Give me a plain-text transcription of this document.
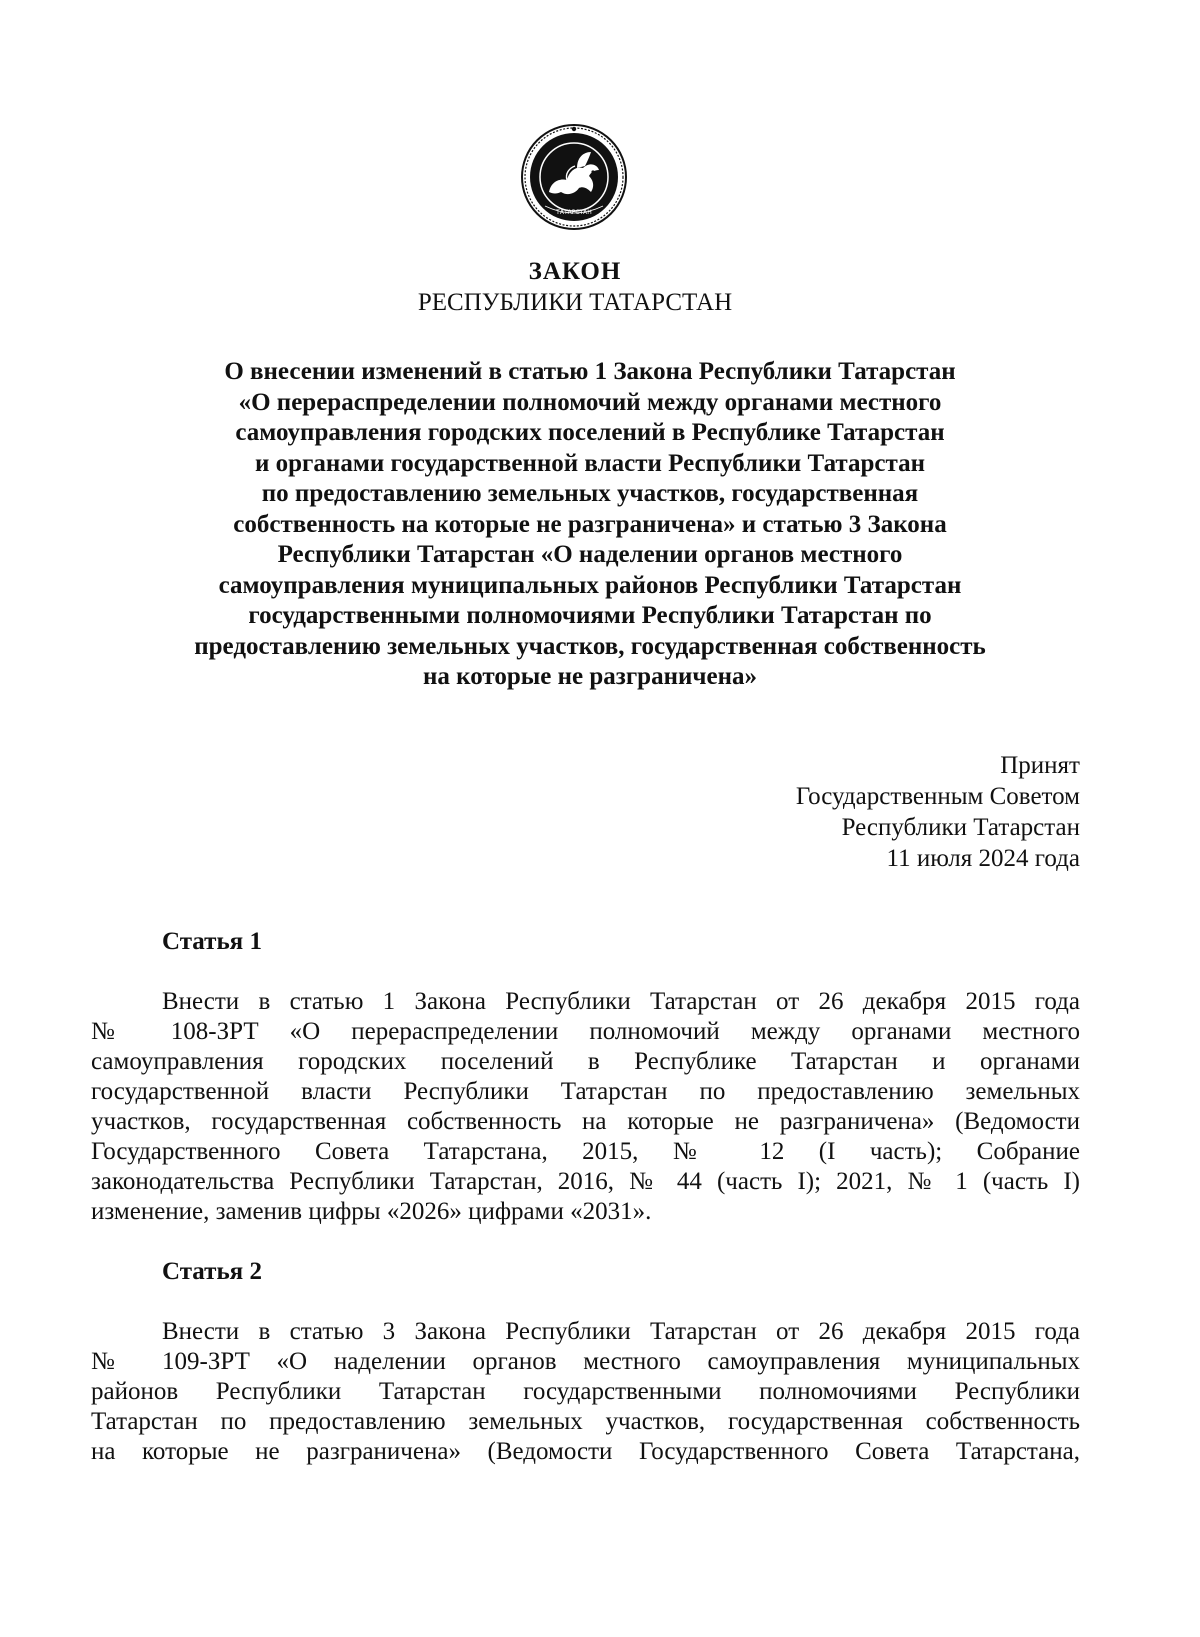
ТАТАРСТАН
ЗАКОН
РЕСПУБЛИКИ ТАТАРСТАН
О внесении изменений в статью 1 Закона Республики Татарстан
«О перераспределении полномочий между органами местного
самоуправления городских поселений в Республике Татарстан
и органами государственной власти Республики Татарстан
по предоставлению земельных участков, государственная
собственность на которые не разграничена» и статью 3 Закона
Республики Татарстан «О наделении органов местного
самоуправления муниципальных районов Республики Татарстан
государственными полномочиями Республики Татарстан по
предоставлению земельных участков, государственная собственность
на которые не разграничена»
Принят
Государственным Советом
Республики Татарстан
11 июля 2024 года
Статья 1
Внести в статью 1 Закона Республики Татарстан от 26 декабря 2015 года
№ 108-ЗРТ «О перераспределении полномочий между органами местного
самоуправления городских поселений в Республике Татарстан и органами
государственной власти Республики Татарстан по предоставлению земельных
участков, государственная собственность на которые не разграничена» (Ведомости
Государственного Совета Татарстана, 2015, № 12 (I часть); Собрание
законодательства Республики Татарстан, 2016, № 44 (часть I); 2021, № 1 (часть I)
изменение, заменив цифры «2026» цифрами «2031».
Статья 2
Внести в статью 3 Закона Республики Татарстан от 26 декабря 2015 года
№ 109-ЗРТ «О наделении органов местного самоуправления муниципальных
районов Республики Татарстан государственными полномочиями Республики
Татарстан по предоставлению земельных участков, государственная собственность
на которые не разграничена» (Ведомости Государственного Совета Татарстана,
